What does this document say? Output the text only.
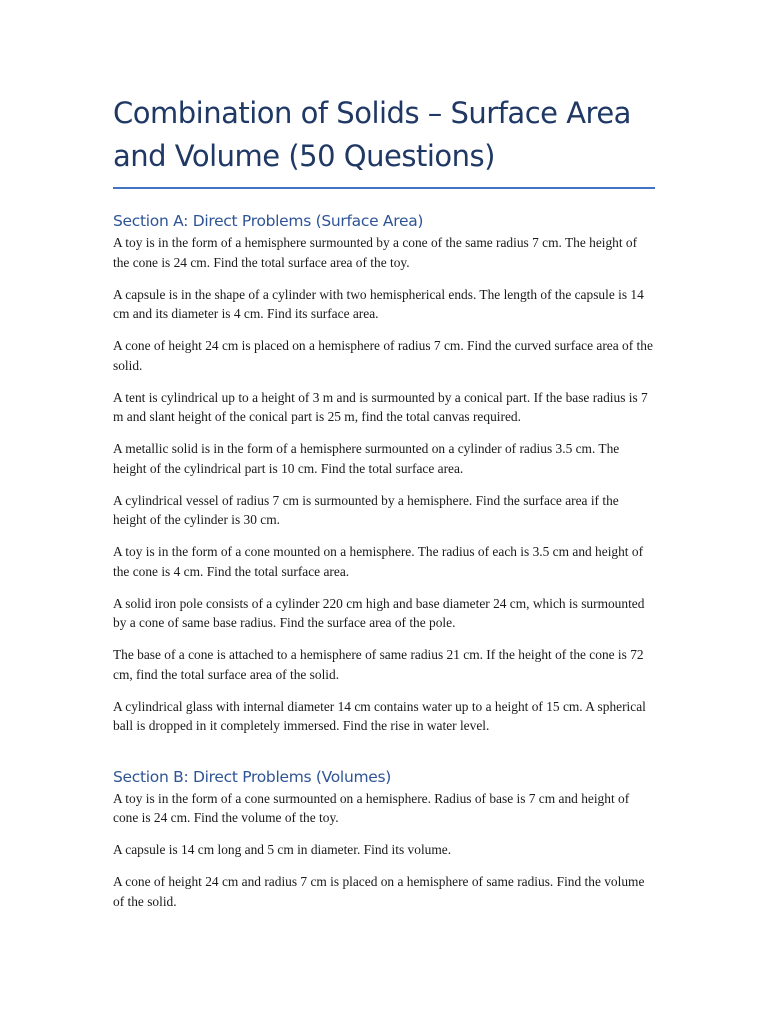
Combination of Solids – Surface Area and Volume (50 Questions)
Section A: Direct Problems (Surface Area)

A toy is in the form of a hemisphere surmounted by a cone of the same radius 7 cm. The height of the cone is 24 cm. Find the total surface area of the toy.

A capsule is in the shape of a cylinder with two hemispherical ends. The length of the capsule is 14 cm and its diameter is 4 cm. Find its surface area.

A cone of height 24 cm is placed on a hemisphere of radius 7 cm. Find the curved surface area of the solid.

A tent is cylindrical up to a height of 3 m and is surmounted by a conical part. If the base radius is 7 m and slant height of the conical part is 25 m, find the total canvas required.

A metallic solid is in the form of a hemisphere surmounted on a cylinder of radius 3.5 cm. The height of the cylindrical part is 10 cm. Find the total surface area.

A cylindrical vessel of radius 7 cm is surmounted by a hemisphere. Find the surface area if the height of the cylinder is 30 cm.

A toy is in the form of a cone mounted on a hemisphere. The radius of each is 3.5 cm and height of the cone is 4 cm. Find the total surface area.

A solid iron pole consists of a cylinder 220 cm high and base diameter 24 cm, which is surmounted by a cone of same base radius. Find the surface area of the pole.

The base of a cone is attached to a hemisphere of same radius 21 cm. If the height of the cone is 72 cm, find the total surface area of the solid.

A cylindrical glass with internal diameter 14 cm contains water up to a height of 15 cm. A spherical ball is dropped in it completely immersed. Find the rise in water level.

Section B: Direct Problems (Volumes)

A toy is in the form of a cone surmounted on a hemisphere. Radius of base is 7 cm and height of cone is 24 cm. Find the volume of the toy.

A capsule is 14 cm long and 5 cm in diameter. Find its volume.

A cone of height 24 cm and radius 7 cm is placed on a hemisphere of same radius. Find the volume of the solid.
